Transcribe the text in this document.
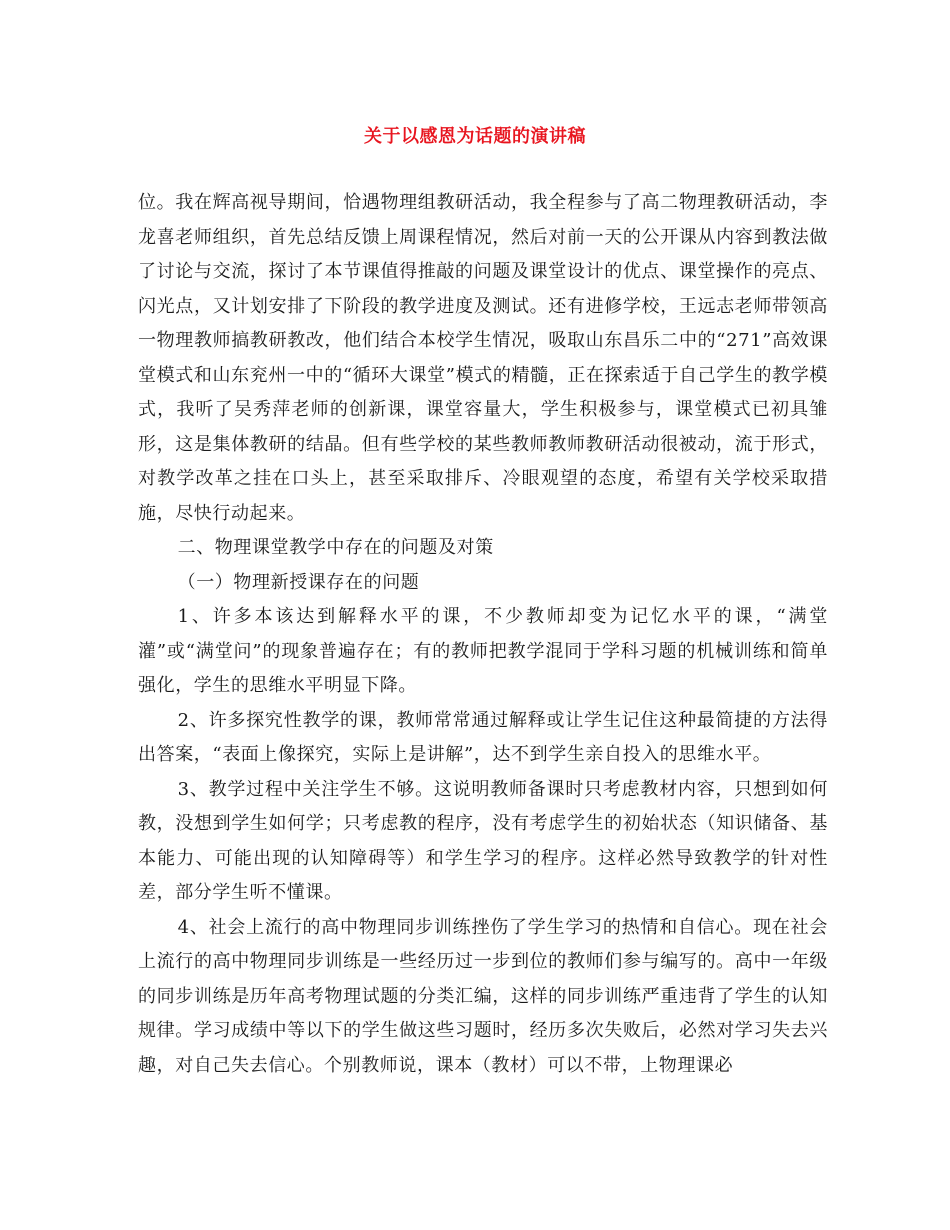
关于以感恩为话题的演讲稿

位。我在辉高视导期间，恰遇物理组教研活动，我全程参与了高二物理教研活动，李龙喜老师组织，首先总结反馈上周课程情况，然后对前一天的公开课从内容到教法做了讨论与交流，探讨了本节课值得推敲的问题及课堂设计的优点、课堂操作的亮点、闪光点，又计划安排了下阶段的教学进度及测试。还有进修学校，王远志老师带领高一物理教师搞教研教改，他们结合本校学生情况，吸取山东昌乐二中的“271”高效课堂模式和山东兖州一中的“循环大课堂”模式的精髓，正在探索适于自己学生的教学模式，我听了吴秀萍老师的创新课，课堂容量大，学生积极参与，课堂模式已初具雏形，这是集体教研的结晶。但有些学校的某些教师教师教研活动很被动，流于形式，对教学改革之挂在口头上，甚至采取排斥、冷眼观望的态度，希望有关学校采取措施，尽快行动起来。

二、物理课堂教学中存在的问题及对策

（一）物理新授课存在的问题

1、许多本该达到解释水平的课，不少教师却变为记忆水平的课，“满堂灌”或“满堂问”的现象普遍存在；有的教师把教学混同于学科习题的机械训练和简单强化，学生的思维水平明显下降。

2、许多探究性教学的课，教师常常通过解释或让学生记住这种最简捷的方法得出答案，“表面上像探究，实际上是讲解”，达不到学生亲自投入的思维水平。

3、教学过程中关注学生不够。这说明教师备课时只考虑教材内容，只想到如何教，没想到学生如何学；只考虑教的程序，没有考虑学生的初始状态（知识储备、基本能力、可能出现的认知障碍等）和学生学习的程序。这样必然导致教学的针对性差，部分学生听不懂课。

4、社会上流行的高中物理同步训练挫伤了学生学习的热情和自信心。现在社会上流行的高中物理同步训练是一些经历过一步到位的教师们参与编写的。高中一年级的同步训练是历年高考物理试题的分类汇编，这样的同步训练严重违背了学生的认知规律。学习成绩中等以下的学生做这些习题时，经历多次失败后，必然对学习失去兴趣，对自己失去信心。个别教师说，课本（教材）可以不带，上物理课必
